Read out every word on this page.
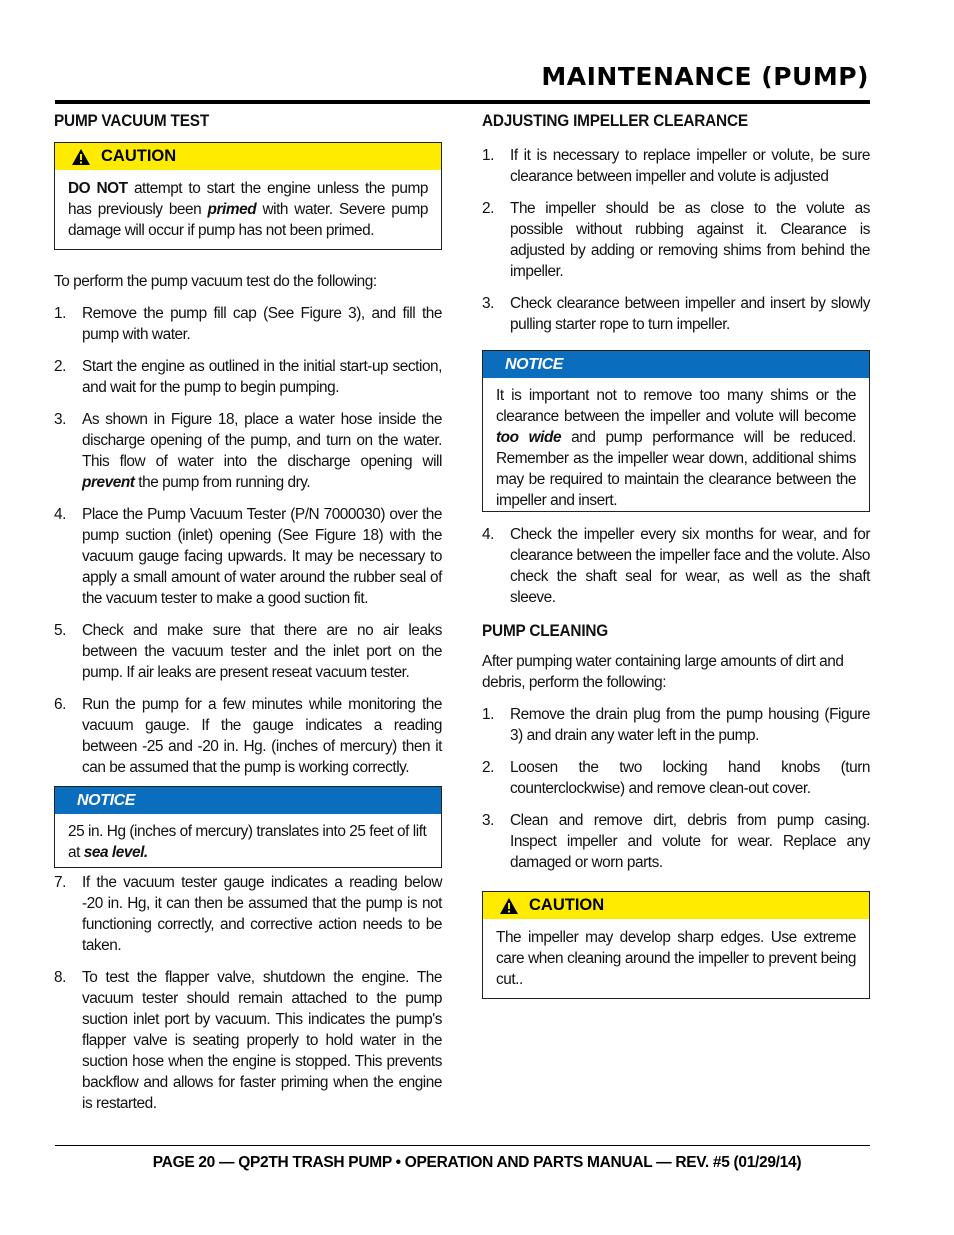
MAINTENANCE (PUMP)
PUMP VACUUM TEST
CAUTION

DO NOT attempt to start the engine unless the pump has previously been primed with water. Severe pump damage will occur if pump has not been primed.

To perform the pump vacuum test do the following:

1. Remove the pump fill cap (See Figure 3), and fill the pump with water.
2. Start the engine as outlined in the initial start-up section, and wait for the pump to begin pumping.
3. As shown in Figure 18, place a water hose inside the discharge opening of the pump, and turn on the water. This flow of water into the discharge opening will prevent the pump from running dry.
4. Place the Pump Vacuum Tester (P/N 7000030) over the pump suction (inlet) opening (See Figure 18) with the vacuum gauge facing upwards. It may be necessary to apply a small amount of water around the rubber seal of the vacuum tester to make a good suction fit.
5. Check and make sure that there are no air leaks between the vacuum tester and the inlet port on the pump. If air leaks are present reseat vacuum tester.
6. Run the pump for a few minutes while monitoring the vacuum gauge. If the gauge indicates a reading between -25 and -20 in. Hg. (inches of mercury) then it can be assumed that the pump is working correctly.
NOTICE

25 in. Hg (inches of mercury) translates into 25 feet of lift at sea level.

7. If the vacuum tester gauge indicates a reading below -20 in. Hg, it can then be assumed that the pump is not functioning correctly, and corrective action needs to be taken.
8. To test the flapper valve, shutdown the engine. The vacuum tester should remain attached to the pump suction inlet port by vacuum. This indicates the pump's flapper valve is seating properly to hold water in the suction hose when the engine is stopped. This prevents backflow and allows for faster priming when the engine is restarted.
ADJUSTING IMPELLER CLEARANCE
1. If it is necessary to replace impeller or volute, be sure clearance between impeller and volute is adjusted
2. The impeller should be as close to the volute as possible without rubbing against it. Clearance is adjusted by adding or removing shims from behind the impeller.
3. Check clearance between impeller and insert by slowly pulling starter rope to turn impeller.
NOTICE

It is important not to remove too many shims or the clearance between the impeller and volute will become too wide and pump performance will be reduced. Remember as the impeller wear down, additional shims may be required to maintain the clearance between the impeller and insert.

4. Check the impeller every six months for wear, and for clearance between the impeller face and the volute. Also check the shaft seal for wear, as well as the shaft sleeve.
PUMP CLEANING

After pumping water containing large amounts of dirt and debris, perform the following:

1. Remove the drain plug from the pump housing (Figure 3) and drain any water left in the pump.
2. Loosen the two locking hand knobs (turn counterclockwise) and remove clean-out cover.
3. Clean and remove dirt, debris from pump casing. Inspect impeller and volute for wear. Replace any damaged or worn parts.
CAUTION

The impeller may develop sharp edges. Use extreme care when cleaning around the impeller to prevent being cut..

PAGE 20 — QP2TH TRASH PUMP • OPERATION AND PARTS MANUAL — REV. #5 (01/29/14)
